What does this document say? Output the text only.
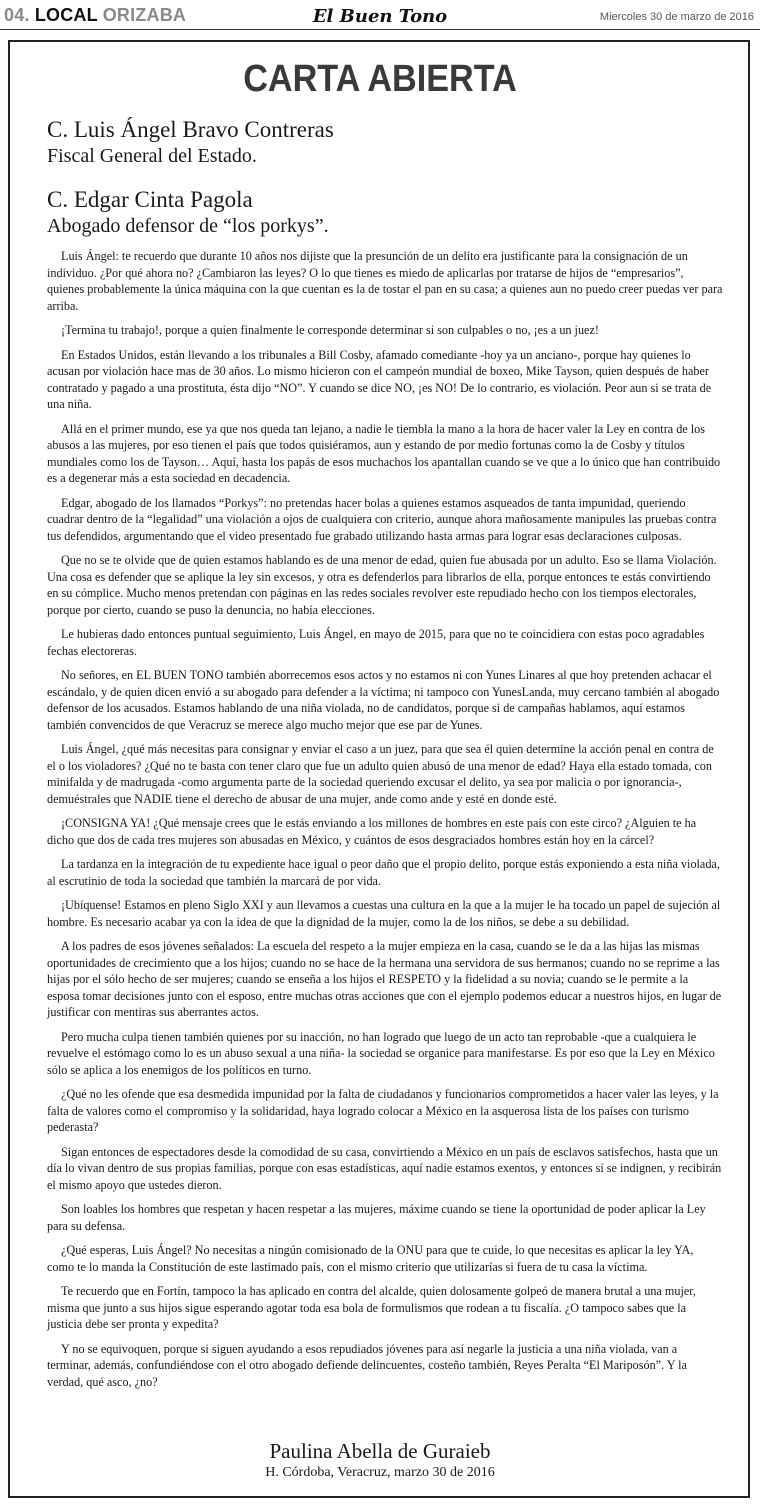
04. LOCAL ORIZABA	El Buen Tono	Miercoles 30 de marzo de 2016
CARTA ABIERTA
C. Luis Ángel Bravo Contreras
Fiscal General del Estado.
C. Edgar Cinta Pagola
Abogado defensor de “los porkys”.

Luis Ángel: te recuerdo que durante 10 años nos dijiste que la presunción de un delito era justificante para la consignación de un individuo. ¿Por qué ahora no? ¿Cambiaron las leyes? O lo que tienes es miedo de aplicarlas por tratarse de hijos de “empresarios”, quienes probablemente la única máquina con la que cuentan es la de tostar el pan en su casa; a quienes aun no puedo creer puedas ver para arriba.

¡Termina tu trabajo!, porque a quien finalmente le corresponde determinar si son culpables o no, ¡es a un juez!

En Estados Unidos, están llevando a los tribunales a Bill Cosby, afamado comediante -hoy ya un anciano-, porque hay quienes lo acusan por violación hace mas de 30 años. Lo mismo hicieron con el campeón mundial de boxeo, Mike Tayson, quien después de haber contratado y pagado a una prostituta, ésta dijo “NO”. Y cuando se dice NO, ¡es NO! De lo contrario, es violación. Peor aun si se trata de una niña.

Allá en el primer mundo, ese ya que nos queda tan lejano, a nadie le tiembla la mano a la hora de hacer valer la Ley en contra de los abusos a las mujeres, por eso tienen el país que todos quisiéramos, aun y estando de por medio fortunas como la de Cosby y títulos mundiales como los de Tayson… Aquí, hasta los papás de esos muchachos los apantallan cuando se ve que a lo único que han contribuido es a degenerar más a esta sociedad en decadencia.

Edgar, abogado de los llamados “Porkys”: no pretendas hacer bolas a quienes estamos asqueados de tanta impunidad, queriendo cuadrar dentro de la “legalidad” una violación a ojos de cualquiera con criterio, aunque ahora mañosamente manipules las pruebas contra tus defendidos, argumentando que el video presentado fue grabado utilizando hasta armas para lograr esas declaraciones culposas.

Que no se te olvide que de quien estamos hablando es de una menor de edad, quien fue abusada por un adulto. Eso se llama Violación. Una cosa es defender que se aplique la ley sin excesos, y otra es defenderlos para librarlos de ella, porque entonces te estás convirtiendo en su cómplice. Mucho menos pretendan con páginas en las redes sociales revolver este repudiado hecho con los tiempos electorales, porque por cierto, cuando se puso la denuncia, no había elecciones.

Le hubieras dado entonces puntual seguimiento, Luis Ángel, en mayo de 2015, para que no te coincidiera con estas poco agradables fechas electoreras.

No señores, en EL BUEN TONO también aborrecemos esos actos y no estamos ni con Yunes Linares al que hoy pretenden achacar el escándalo, y de quien dicen envió a su abogado para defender a la víctima; ni tampoco con YunesLanda, muy cercano también al abogado defensor de los acusados. Estamos hablando de una niña violada, no de candidatos, porque si de campañas hablamos, aquí estamos también convencidos de que Veracruz se merece algo mucho mejor que ese par de Yunes.

Luis Ángel, ¿qué más necesitas para consignar y enviar el caso a un juez, para que sea él quien determine la acción penal en contra de el o los violadores? ¿Qué no te basta con tener claro que fue un adulto quien abusó de una menor de edad? Haya ella estado tomada, con minifalda y de madrugada -como argumenta parte de la sociedad queriendo excusar el delito, ya sea por malicia o por ignorancia-, demuéstrales que NADIE tiene el derecho de abusar de una mujer, ande como ande y esté en donde esté.

¡CONSIGNA YA! ¿Qué mensaje crees que le estás enviando a los millones de hombres en este país con este circo? ¿Alguien te ha dicho que dos de cada tres mujeres son abusadas en México, y cuántos de esos desgraciados hombres están hoy en la cárcel?

La tardanza en la integración de tu expediente hace igual o peor daño que el propio delito, porque estás exponiendo a esta niña violada, al escrutinio de toda la sociedad que también la marcará de por vida.

¡Ubíquense! Estamos en pleno Siglo XXI y aun llevamos a cuestas una cultura en la que a la mujer le ha tocado un papel de sujeción al hombre. Es necesario acabar ya con la idea de que la dignidad de la mujer, como la de los niños, se debe a su debilidad.

A los padres de esos jóvenes señalados: La escuela del respeto a la mujer empieza en la casa, cuando se le da a las hijas las mismas oportunidades de crecimiento que a los hijos; cuando no se hace de la hermana una servidora de sus hermanos; cuando no se reprime a las hijas por el sólo hecho de ser mujeres; cuando se enseña a los hijos el RESPETO y la fidelidad a su novia; cuando se le permite a la esposa tomar decisiones junto con el esposo, entre muchas otras acciones que con el ejemplo podemos educar a nuestros hijos, en lugar de justificar con mentiras sus aberrantes actos.

Pero mucha culpa tienen también quienes por su inacción, no han logrado que luego de un acto tan reprobable -que a cualquiera le revuelve el estómago como lo es un abuso sexual a una niña- la sociedad se organice para manifestarse. Es por eso que la Ley en México sólo se aplica a los enemigos de los políticos en turno.

¿Qué no les ofende que esa desmedida impunidad por la falta de ciudadanos y funcionarios comprometidos a hacer valer las leyes, y la falta de valores como el compromiso y la solidaridad, haya logrado colocar a México en la asquerosa lista de los países con turismo pederasta?

Sigan entonces de espectadores desde la comodidad de su casa, convirtiendo a México en un país de esclavos satisfechos, hasta que un día lo vivan dentro de sus propias familias, porque con esas estadísticas, aquí nadie estamos exentos, y entonces sí se indignen, y recibirán el mismo apoyo que ustedes dieron.

Son loables los hombres que respetan y hacen respetar a las mujeres, máxime cuando se tiene la oportunidad de poder aplicar la Ley para su defensa.

¿Qué esperas, Luis Ángel? No necesitas a ningún comisionado de la ONU para que te cuide, lo que necesitas es aplicar la ley YA, como te lo manda la Constitución de este lastimado país, con el mismo criterio que utilizarías si fuera de tu casa la víctima.

Te recuerdo que en Fortín, tampoco la has aplicado en contra del alcalde, quien dolosamente golpeó de manera brutal a una mujer, misma que junto a sus hijos sigue esperando agotar toda esa bola de formulismos que rodean a tu fiscalía. ¿O tampoco sabes que la justicia debe ser pronta y expedita?

Y no se equivoquen, porque si siguen ayudando a esos repudiados jóvenes para así negarle la justicia a una niña violada, van a terminar, además, confundiéndose con el otro abogado defiende delincuentes, costeño también, Reyes Peralta “El Mariposón”. Y la verdad, qué asco, ¿no?

Paulina Abella de Guraieb
H. Córdoba, Veracruz, marzo 30 de 2016
